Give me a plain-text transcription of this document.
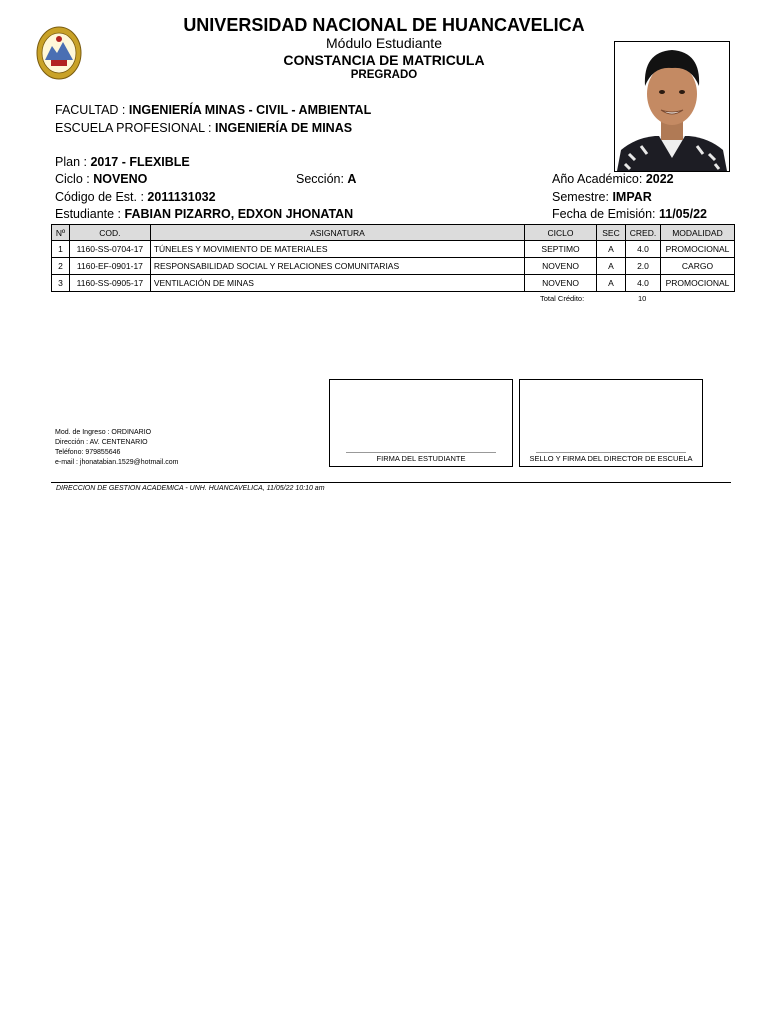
UNIVERSIDAD NACIONAL DE HUANCAVELICA
Módulo Estudiante
CONSTANCIA DE MATRICULA
PREGRADO
FACULTAD : INGENIERÍA MINAS - CIVIL - AMBIENTAL
ESCUELA PROFESIONAL : INGENIERÍA DE MINAS
Plan : 2017 - FLEXIBLE
Ciclo : NOVENO	Sección: A	Año Académico: 2022
Código de Est. : 2011131032	Semestre: IMPAR
Estudiante : FABIAN PIZARRO, EDXON JHONATAN	Fecha de Emisión: 11/05/22
Nº	COD.	ASIGNATURA	CICLO	SEC	CRED.	MODALIDAD
1	1160-SS-0704-17	TÚNELES Y MOVIMIENTO DE MATERIALES	SEPTIMO	A	4.0	PROMOCIONAL
2	1160-EF-0901-17	RESPONSABILIDAD SOCIAL Y RELACIONES COMUNITARIAS	NOVENO	A	2.0	CARGO
3	1160-SS-0905-17	VENTILACIÓN DE MINAS	NOVENO	A	4.0	PROMOCIONAL
Total Crédito:	10
Mod. de Ingreso : ORDINARIO
Dirección : AV. CENTENARIO
Teléfono: 979855646
e-mail : jhonatabian.1529@hotmail.com	FIRMA DEL ESTUDIANTE	SELLO Y FIRMA DEL DIRECTOR DE ESCUELA
DIRECCION DE GESTION ACADEMICA - UNH. HUANCAVELICA, 11/05/22 10:10 am
